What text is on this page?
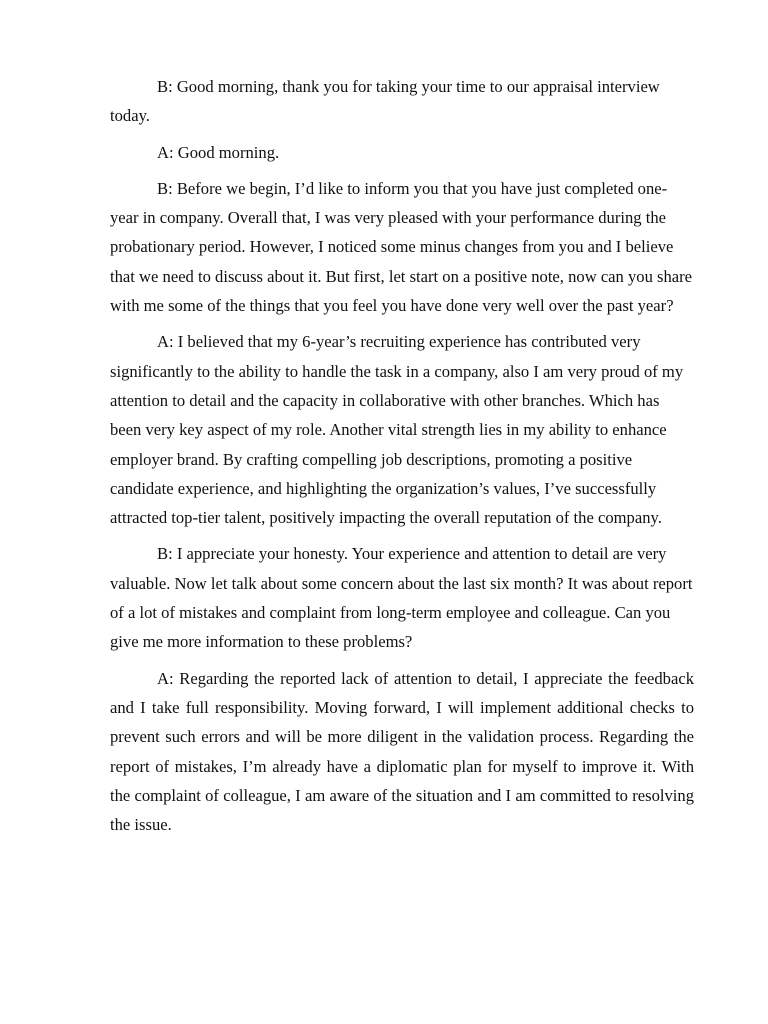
B: Good morning, thank you for taking your time to our appraisal interview today.

A: Good morning.

B: Before we begin, I’d like to inform you that you have just completed one-year in company. Overall that, I was very pleased with your performance during the probationary period. However, I noticed some minus changes from you and I believe that we need to discuss about it. But first, let start on a positive note, now can you share with me some of the things that you feel you have done very well over the past year?

A: I believed that my 6-year’s recruiting experience has contributed very significantly to the ability to handle the task in a company, also I am very proud of my attention to detail and the capacity in collaborative with other branches. Which has been very key aspect of my role. Another vital strength lies in my ability to enhance employer brand. By crafting compelling job descriptions, promoting a positive candidate experience, and highlighting the organization’s values, I’ve successfully attracted top-tier talent, positively impacting the overall reputation of the company.

B: I appreciate your honesty. Your experience and attention to detail are very valuable. Now let talk about some concern about the last six month? It was about report of a lot of mistakes and complaint from long-term employee and colleague. Can you give me more information to these problems?

A: Regarding the reported lack of attention to detail, I appreciate the feedback and I take full responsibility. Moving forward, I will implement additional checks to prevent such errors and will be more diligent in the validation process. Regarding the report of mistakes, I’m already have a diplomatic plan for myself to improve it. With the complaint of colleague, I am aware of the situation and I am committed to resolving the issue.
